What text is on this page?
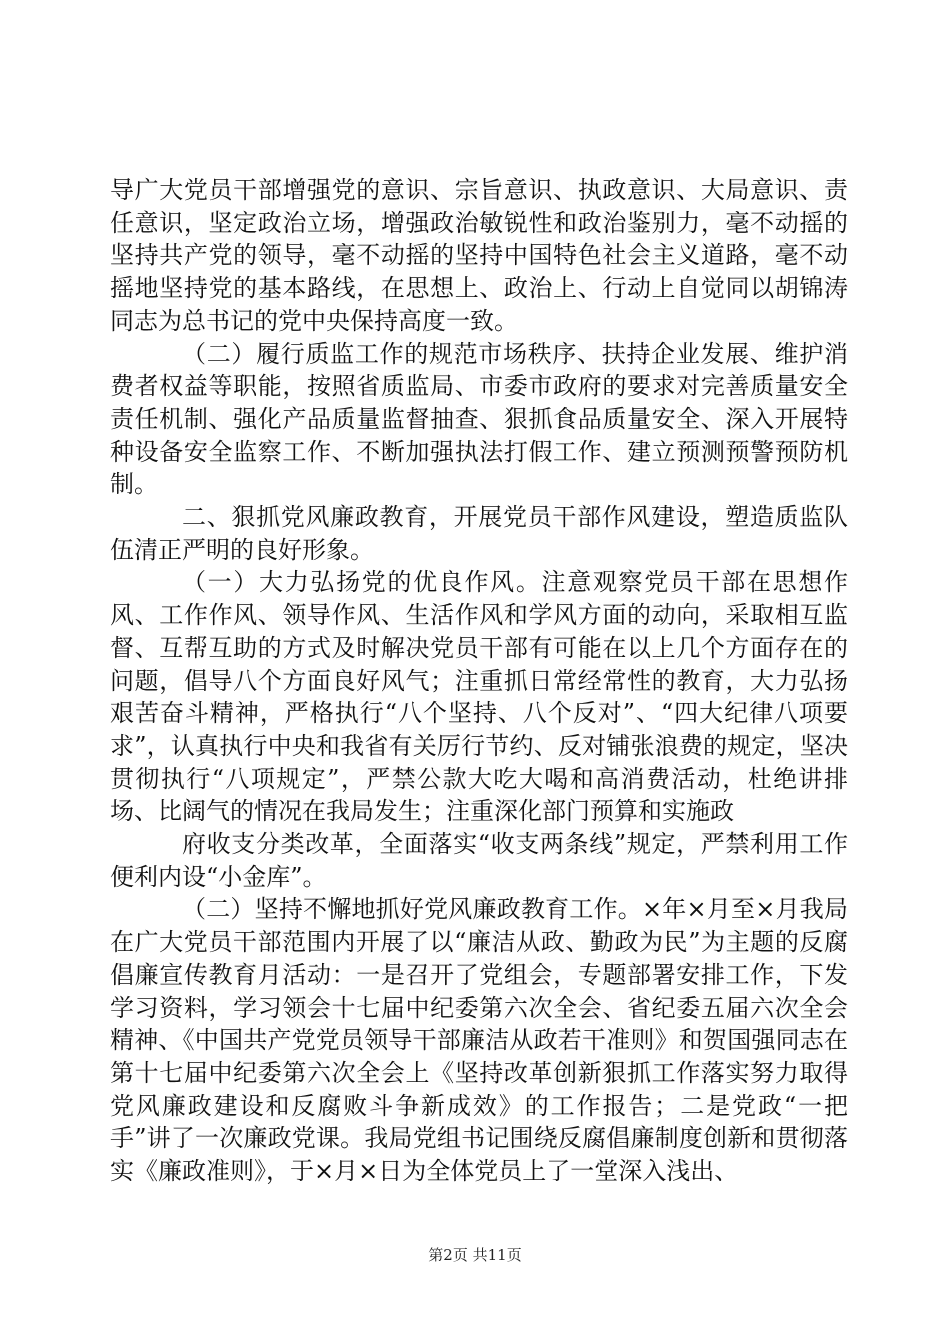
导广大党员干部增强党的意识、宗旨意识、执政意识、大局意识、责任意识，坚定政治立场，增强政治敏锐性和政治鉴别力，毫不动摇的坚持共产党的领导，毫不动摇的坚持中国特色社会主义道路，毫不动摇地坚持党的基本路线，在思想上、政治上、行动上自觉同以胡锦涛同志为总书记的党中央保持高度一致。

（二）履行质监工作的规范市场秩序、扶持企业发展、维护消费者权益等职能，按照省质监局、市委市政府的要求对完善质量安全责任机制、强化产品质量监督抽查、狠抓食品质量安全、深入开展特种设备安全监察工作、不断加强执法打假工作、建立预测预警预防机制。

二、狠抓党风廉政教育，开展党员干部作风建设，塑造质监队伍清正严明的良好形象。

（一）大力弘扬党的优良作风。注意观察党员干部在思想作风、工作作风、领导作风、生活作风和学风方面的动向，采取相互监督、互帮互助的方式及时解决党员干部有可能在以上几个方面存在的问题，倡导八个方面良好风气；注重抓日常经常性的教育，大力弘扬艰苦奋斗精神，严格执行“八个坚持、八个反对”、“四大纪律八项要求”，认真执行中央和我省有关厉行节约、反对铺张浪费的规定，坚决贯彻执行“八项规定”，严禁公款大吃大喝和高消费活动，杜绝讲排场、比阔气的情况在我局发生；注重深化部门预算和实施政

府收支分类改革，全面落实“收支两条线”规定，严禁利用工作便利内设“小金库”。

（二）坚持不懈地抓好党风廉政教育工作。×年×月至×月我局在广大党员干部范围内开展了以“廉洁从政、勤政为民”为主题的反腐倡廉宣传教育月活动：一是召开了党组会，专题部署安排工作，下发学习资料，学习领会十七届中纪委第六次全会、省纪委五届六次全会精神、《中国共产党党员领导干部廉洁从政若干准则》和贺国强同志在第十七届中纪委第六次全会上《坚持改革创新狠抓工作落实努力取得党风廉政建设和反腐败斗争新成效》的工作报告；二是党政“一把手”讲了一次廉政党课。我局党组书记围绕反腐倡廉制度创新和贯彻落实《廉政准则》，于×月×日为全体党员上了一堂深入浅出、

第2页 共11页
